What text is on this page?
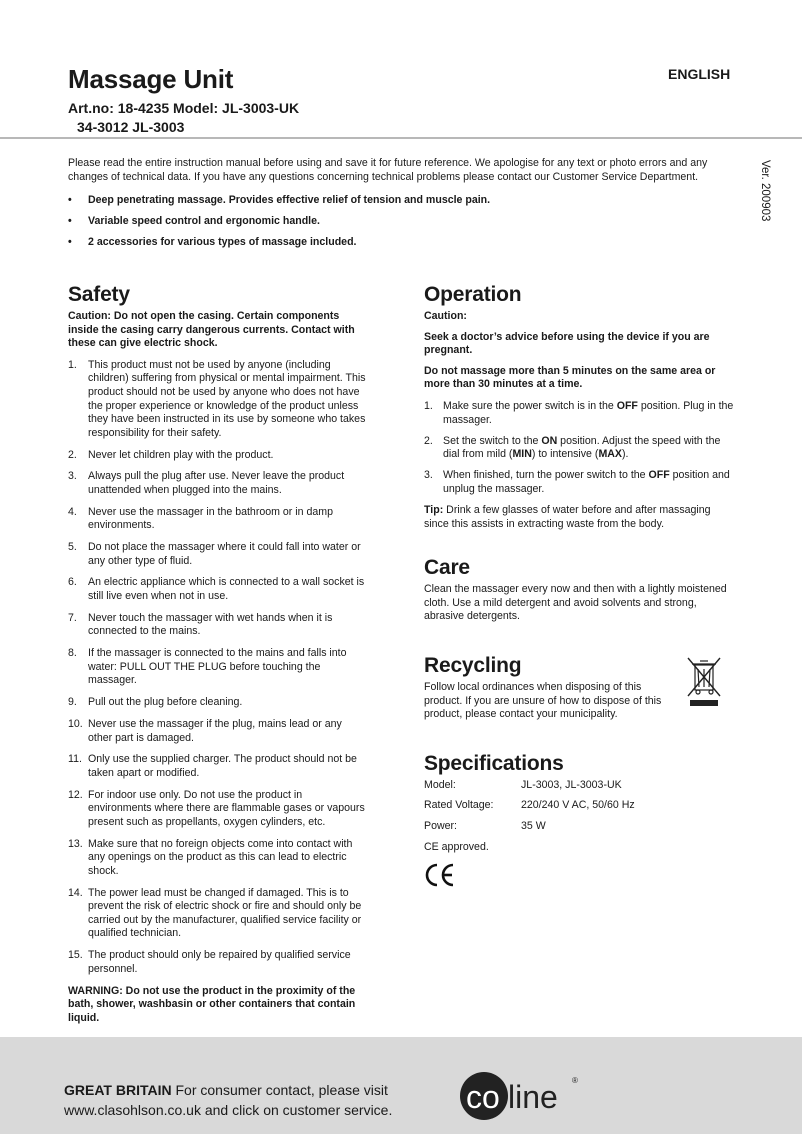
Massage Unit	ENGLISH
Art.no: 18-4235 Model: JL-3003-UK
34-3012 JL-3003
Ver. 200903
Please read the entire instruction manual before using and save it for future reference. We apologise for any text or photo errors and any changes of technical data. If you have any questions concerning technical problems please contact our Customer Service Department.
• Deep penetrating massage. Provides effective relief of tension and muscle pain.
• Variable speed control and ergonomic handle.
• 2 accessories for various types of massage included.
Safety
Caution: Do not open the casing. Certain components inside the casing carry dangerous currents. Contact with these can give electric shock.
1. This product must not be used by anyone (including children) suffering from physical or mental impairment. This product should not be used by anyone who does not have the proper experience or knowledge of the product unless they have been instructed in its use by someone who takes responsibility for their safety.
2. Never let children play with the product.
3. Always pull the plug after use. Never leave the product unattended when plugged into the mains.
4. Never use the massager in the bathroom or in damp environments.
5. Do not place the massager where it could fall into water or any other type of fluid.
6. An electric appliance which is connected to a wall socket is still live even when not in use.
7. Never touch the massager with wet hands when it is connected to the mains.
8. If the massager is connected to the mains and falls into water: PULL OUT THE PLUG before touching the massager.
9. Pull out the plug before cleaning.
10. Never use the massager if the plug, mains lead or any other part is damaged.
11. Only use the supplied charger. The product should not be taken apart or modified.
12. For indoor use only. Do not use the product in environments where there are flammable gases or vapours present such as propellants, oxygen cylinders, etc.
13. Make sure that no foreign objects come into contact with any openings on the product as this can lead to electric shock.
14. The power lead must be changed if damaged. This is to prevent the risk of electric shock or fire and should only be carried out by the manufacturer, qualified service facility or qualified technician.
15. The product should only be repaired by qualified service personnel.
WARNING: Do not use the product in the proximity of the bath, shower, washbasin or other containers that contain liquid.
Operation
Caution:
Seek a doctor’s advice before using the device if you are pregnant.
Do not massage more than 5 minutes on the same area or more than 30 minutes at a time.
1. Make sure the power switch is in the OFF position. Plug in the massager.
2. Set the switch to the ON position. Adjust the speed with the dial from mild (MIN) to intensive (MAX).
3. When finished, turn the power switch to the OFF position and unplug the massager.
Tip: Drink a few glasses of water before and after massaging since this assists in extracting waste from the body.
Care
Clean the massager every now and then with a lightly moistened cloth. Use a mild detergent and avoid solvents and strong, abrasive detergents.
Recycling
Follow local ordinances when disposing of this product. If you are unsure of how to dispose of this product, please contact your municipality.
Specifications
Model:	JL-3003, JL-3003-UK
Rated Voltage:	220/240 V AC, 50/60 Hz
Power:	35 W
CE approved.
GREAT BRITAIN For consumer contact, please visit
www.clasohlson.co.uk and click on customer service. co line ®
